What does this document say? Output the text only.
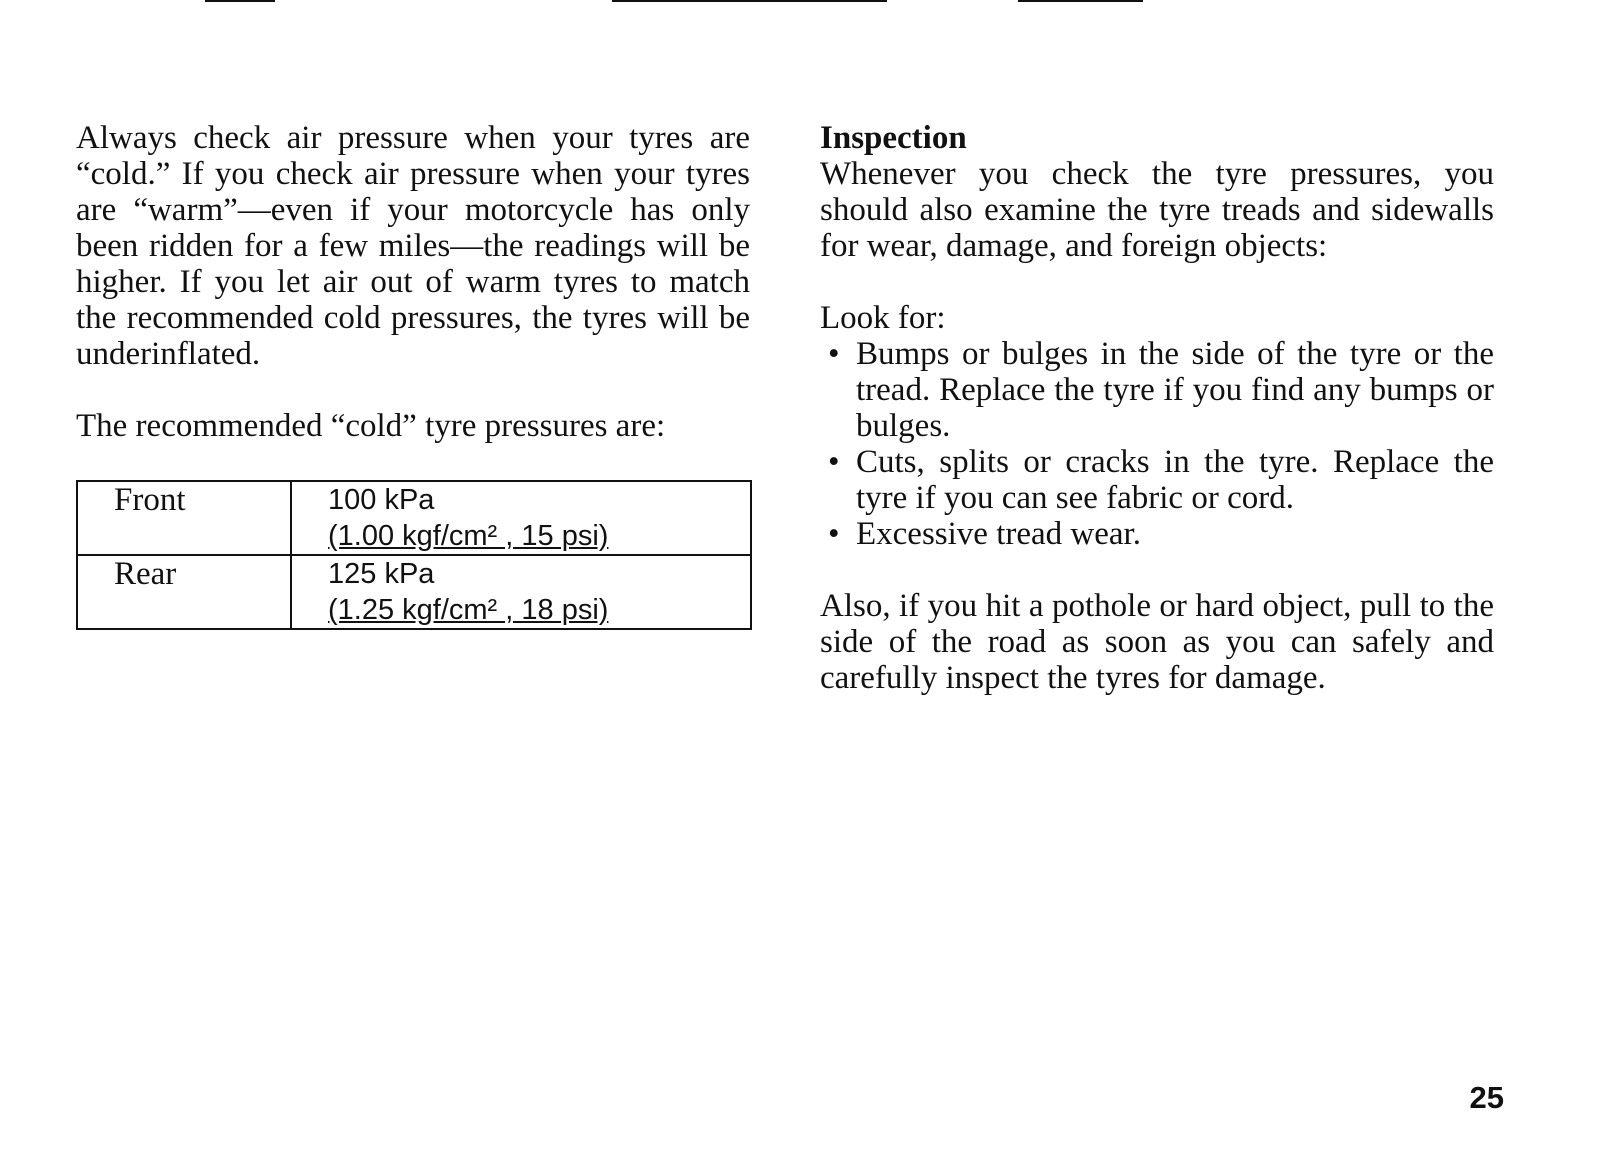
Always check air pressure when your tyres are “cold.” If you check air pressure when your tyres are “warm”—even if your motorcycle has only been ridden for a few miles—the readings will be higher. If you let air out of warm tyres to match the recommended cold pressures, the tyres will be underinflated.

The recommended “cold” tyre pressures are:

Front	100 kPa
(1.00 kgf/cm² , 15 psi)

Rear	125 kPa
(1.25 kgf/cm² , 18 psi)
Inspection

Whenever you check the tyre pressures, you should also examine the tyre treads and sidewalls for wear, damage, and foreign objects:

Look for:

• Bumps or bulges in the side of the tyre or the tread. Replace the tyre if you find any bumps or bulges.
• Cuts, splits or cracks in the tyre. Replace the tyre if you can see fabric or cord.
• Excessive tread wear.

Also, if you hit a pothole or hard object, pull to the side of the road as soon as you can safely and carefully inspect the tyres for damage.

25
